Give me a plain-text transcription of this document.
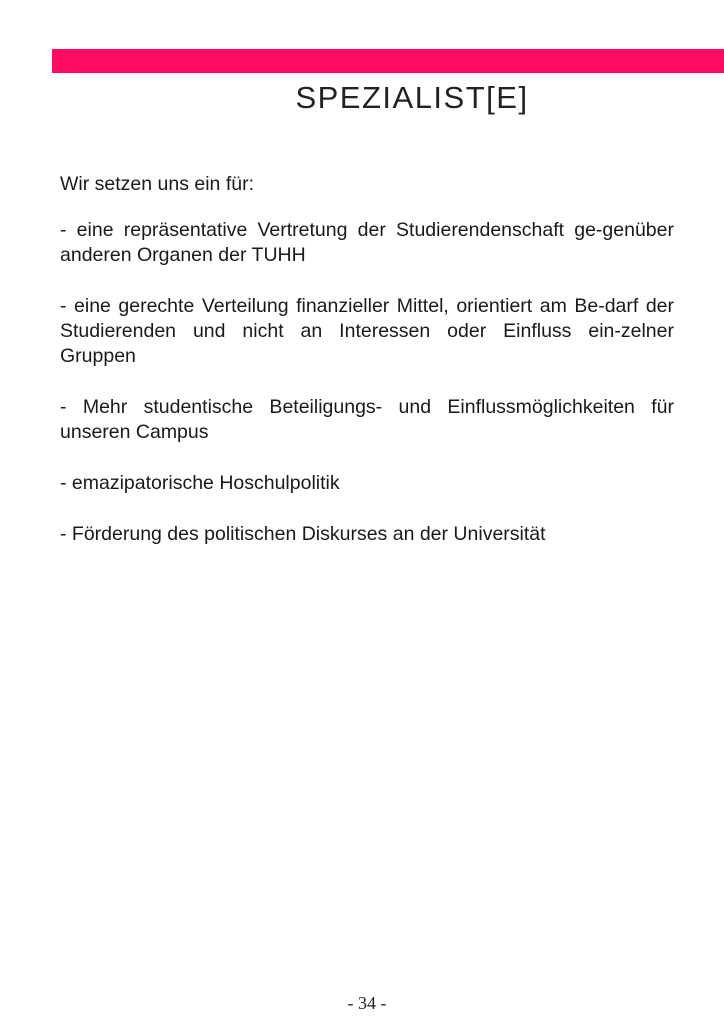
SPEZIALIST[E]

Wir setzen uns ein für:

- eine repräsentative Vertretung der Studierendenschaft ge-genüber anderen Organen der TUHH

- eine gerechte Verteilung finanzieller Mittel, orientiert am Be-darf der Studierenden und nicht an Interessen oder Einfluss ein-zelner Gruppen

- Mehr studentische Beteiligungs- und Einflussmöglichkeiten für unseren Campus

- emazipatorische Hoschulpolitik

- Förderung des politischen Diskurses an der Universität

- 34 -
